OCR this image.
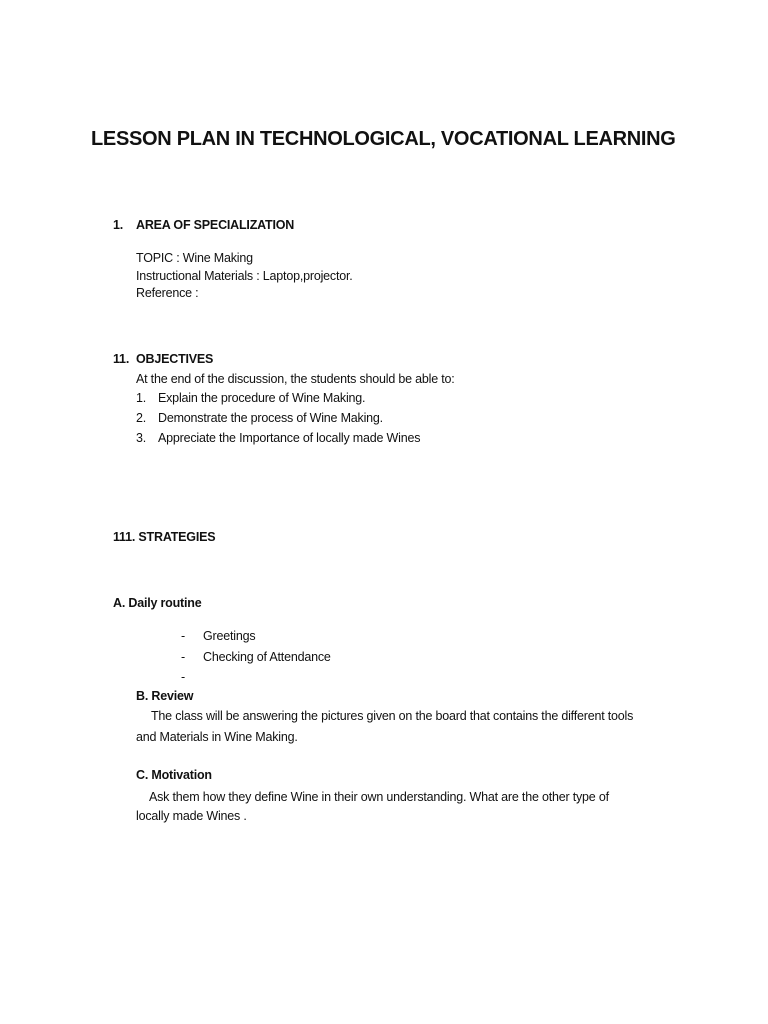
LESSON PLAN IN TECHNOLOGICAL, VOCATIONAL LEARNING
1. AREA OF SPECIALIZATION
TOPIC : Wine Making
Instructional Materials : Laptop,projector.
Reference :
11. OBJECTIVES
At the end of the discussion, the students should be able to:
1. Explain the procedure of Wine Making.
2. Demonstrate the process of Wine Making.
3. Appreciate the Importance of locally made Wines
111. STRATEGIES
A. Daily routine
- Greetings
- Checking of Attendance
-
B. Review
The class will be answering the pictures given on the board that contains the different tools
and Materials in Wine Making.
C. Motivation
Ask them how they define Wine in their own understanding. What are the other type of
locally made Wines .
